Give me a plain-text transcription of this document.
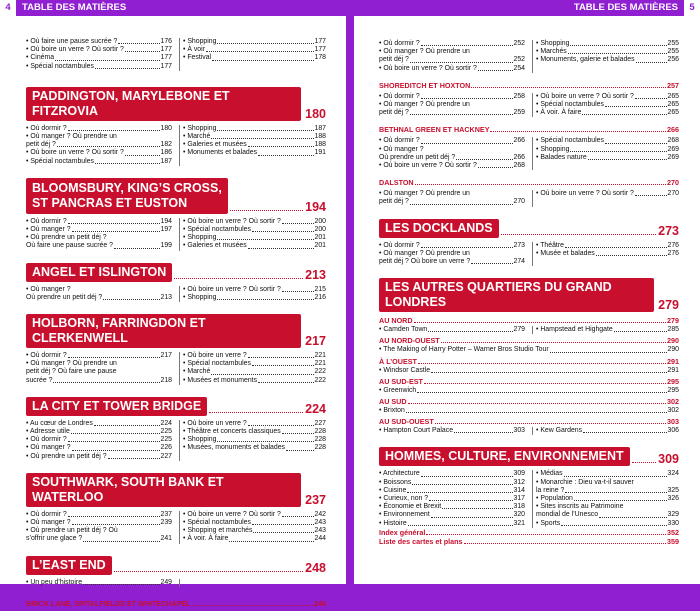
4	TABLE DES MATIÈRES
• Où faire une pause sucrée ?	176
• Où boire un verre ? Où sortir ?	177
• Cinéma	177
• Spécial noctambules	177
• Shopping	177
• À voir	177
• Festival	178
PADDINGTON, MARYLEBONE ET FITZROVIA	180
• Où dormir ?	180
• Où manger ? Où prendre un
petit déj ?	182
• Où boire un verre ? Où sortir ?	186
• Spécial noctambules	187
• Shopping	187
• Marché	188
• Galeries et musées	188
• Monuments et balades	191
BLOOMSBURY, KING’S CROSS,
ST PANCRAS ET EUSTON	194
• Où dormir ?	194
• Où manger ?	197
• Où prendre un petit déj ?
Où faire une pause sucrée ?	199
• Où boire un verre ? Où sortir ?	200
• Spécial noctambules	200
• Shopping	201
• Galeries et musées	201
ANGEL ET ISLINGTON	213
• Où manger ?
Où prendre un petit déj ?	213
• Où boire un verre ? Où sortir ?	215
• Shopping	216
HOLBORN, FARRINGDON ET CLERKENWELL	217
• Où dormir ?	217
• Où manger ? Où prendre un
petit déj ? Où faire une pause
sucrée ?	218
• Où boire un verre ?	221
• Spécial noctambules	221
• Marché	222
• Musées et monuments	222
LA CITY ET TOWER BRIDGE	224
• Au cœur de Londres	224
• Adresse utile	225
• Où dormir ?	225
• Où manger ?	226
• Où prendre un petit déj ?	227
• Où boire un verre ?	227
• Théâtre et concerts classiques	228
• Shopping	228
• Musées, monuments et balades	228
SOUTHWARK, SOUTH BANK ET WATERLOO	237
• Où dormir ?	237
• Où manger ?	239
• Où prendre un petit déj ? Où
s’offrir une glace ?	241
• Où boire un verre ? Où sortir ?	242
• Spécial noctambules	243
• Shopping et marchés	243
• À voir. À faire	244
L’EAST END	248
• Un peu d’histoire	249
BRICK LANE, SPITALFIELDS ET WHITECHAPEL	249
5
TABLE DES MATIÈRES
• Où dormir ?	252
• Où manger ? Où prendre un
petit déj ?	252
• Où boire un verre ? Où sortir ?	254
• Shopping	255
• Marchés	255
• Monuments, galerie et balades	256
SHOREDITCH ET HOXTON	257
• Où dormir ?	258
• Où manger ? Où prendre un
petit déj ?	259
• Où boire un verre ? Où sortir ?	265
• Spécial noctambules	265
• À voir. À faire	265
BETHNAL GREEN ET HACKNEY	266
• Où dormir ?	266
• Où manger ?
Où prendre un petit déj ?	266
• Où boire un verre ? Où sortir ?	268
• Spécial noctambules	268
• Shopping	269
• Balades nature	269
DALSTON	270
• Où manger ? Où prendre un
petit déj ?	270
• Où boire un verre ? Où sortir ?	270
LES DOCKLANDS	273
• Où dormir ?	273
• Où manger ? Où prendre un
petit déj ? Où boire un verre ?	274
• Théâtre	276
• Musée et balades	276
LES AUTRES QUARTIERS DU GRAND LONDRES	279
AU NORD	279
• Camden Town	279 • Hampstead et Highgate	285
AU NORD-OUEST	290
• The Making of Harry Potter – Warner Bros Studio Tour	290
À L’OUEST	291
• Windsor Castle	291
AU SUD-EST	295
• Greenwich	295
AU SUD	302
• Brixton	302
AU SUD-OUEST	303
• Hampton Court Palace	303 • Kew Gardens	306
HOMMES, CULTURE, ENVIRONNEMENT	309
• Architecture	309
• Boissons	312
• Cuisine	314
• Curieux, non ?	317
• Économie et Brexit	318
• Environnement	320
• Histoire	321
• Médias	324
• Monarchie : Dieu va-t-il sauver
la reine ?	325
• Population	326
• Sites inscrits au Patrimoine
mondial de l’Unesco	329
• Sports	330
Index général	352
Liste des cartes et plans	359
